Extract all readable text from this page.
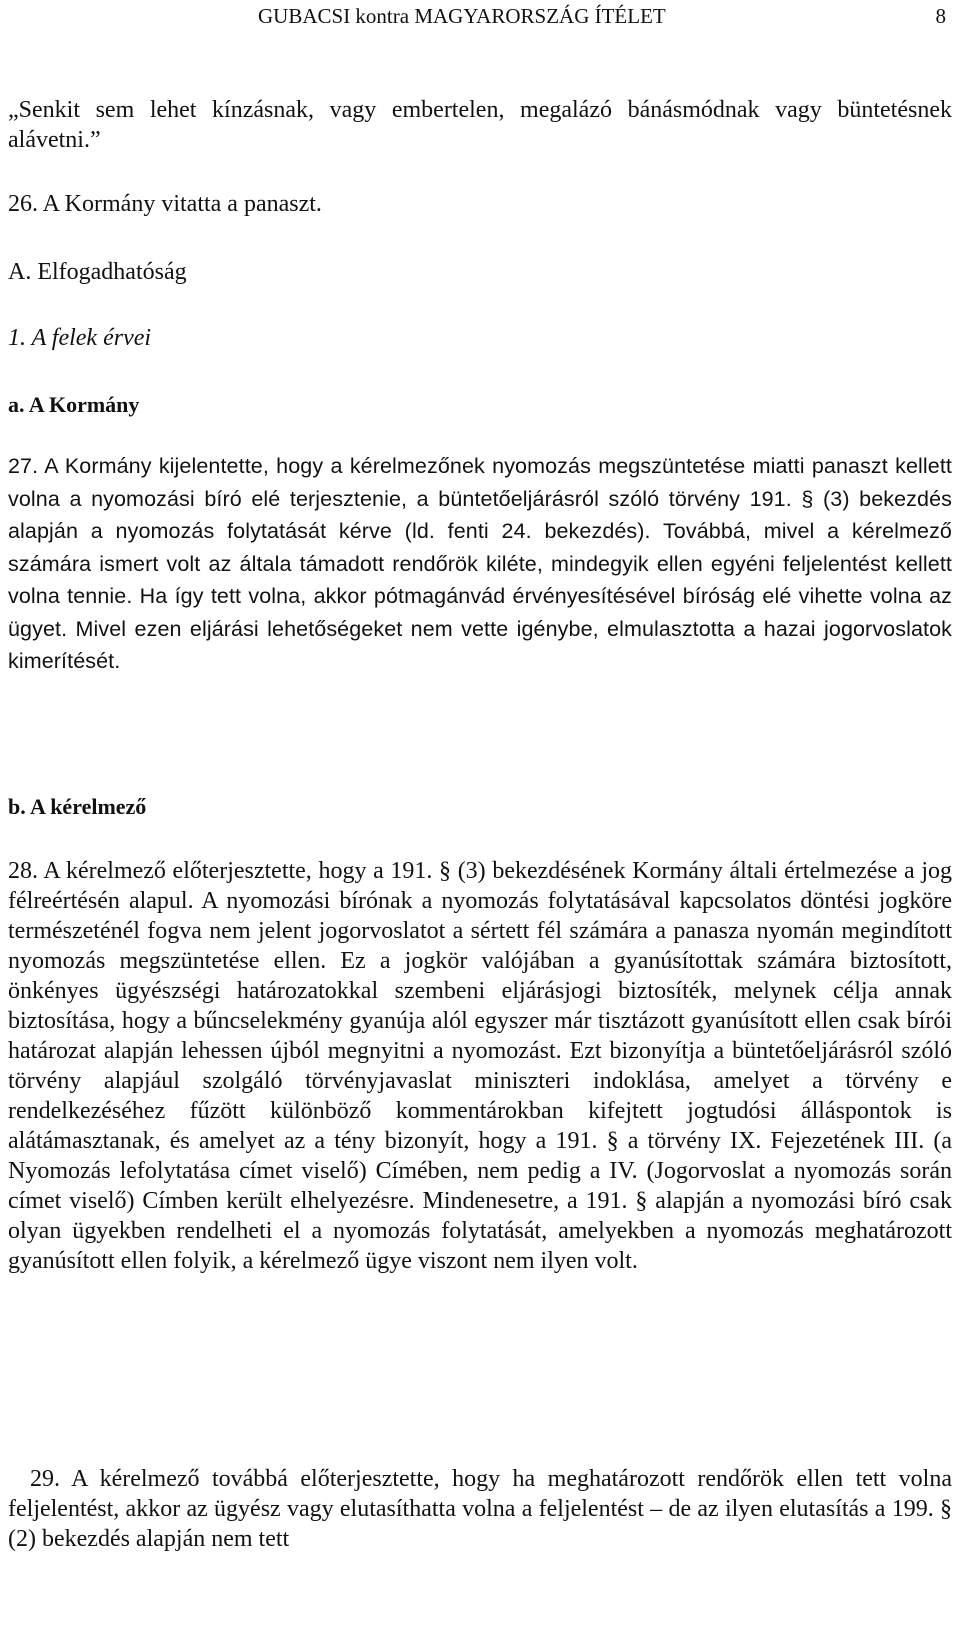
GUBACSI kontra MAGYARORSZÁG ÍTÉLET	8

„Senkit sem lehet kínzásnak, vagy embertelen, megalázó bánásmódnak vagy büntetésnek alávetni.”

26. A Kormány vitatta a panaszt.

A. Elfogadhatóság

1. A felek érvei

a. A Kormány

27. A Kormány kijelentette, hogy a kérelmezőnek nyomozás megszüntetése miatti panaszt kellett volna a nyomozási bíró elé terjesztenie, a büntetőeljárásról szóló törvény 191. § (3) bekezdés alapján a nyomozás folytatását kérve (ld. fenti 24. bekezdés). Továbbá, mivel a kérelmező számára ismert volt az általa támadott rendőrök kiléte, mindegyik ellen egyéni feljelentést kellett volna tennie. Ha így tett volna, akkor pótmagánvád érvényesítésével bíróság elé vihette volna az ügyet. Mivel ezen eljárási lehetőségeket nem vette igénybe, elmulasztotta a hazai jogorvoslatok kimerítését.

b. A kérelmező

28. A kérelmező előterjesztette, hogy a 191. § (3) bekezdésének Kormány általi értelmezése a jog félreértésén alapul. A nyomozási bírónak a nyomozás folytatásával kapcsolatos döntési jogköre természeténél fogva nem jelent jogorvoslatot a sértett fél számára a panasza nyomán megindított nyomozás megszüntetése ellen. Ez a jogkör valójában a gyanúsítottak számára biztosított, önkényes ügyészségi határozatokkal szembeni eljárásjogi biztosíték, melynek célja annak biztosítása, hogy a bűncselekmény gyanúja alól egyszer már tisztázott gyanúsított ellen csak bírói határozat alapján lehessen újból megnyitni a nyomozást. Ezt bizonyítja a büntetőeljárásról szóló törvény alapjául szolgáló törvényjavaslat miniszteri indoklása, amelyet a törvény e rendelkezéséhez fűzött különböző kommentárokban kifejtett jogtudósi álláspontok is alátámasztanak, és amelyet az a tény bizonyít, hogy a 191. § a törvény IX. Fejezetének III. (a Nyomozás lefolytatása címet viselő) Címében, nem pedig a IV. (Jogorvoslat a nyomozás során címet viselő) Címben került elhelyezésre. Mindenesetre, a 191. § alapján a nyomozási bíró csak olyan ügyekben rendelheti el a nyomozás folytatását, amelyekben a nyomozás meghatározott gyanúsított ellen folyik, a kérelmező ügye viszont nem ilyen volt.

29. A kérelmező továbbá előterjesztette, hogy ha meghatározott rendőrök ellen tett volna feljelentést, akkor az ügyész vagy elutasíthatta volna a feljelentést – de az ilyen elutasítás a 199. § (2) bekezdés alapján nem tett
